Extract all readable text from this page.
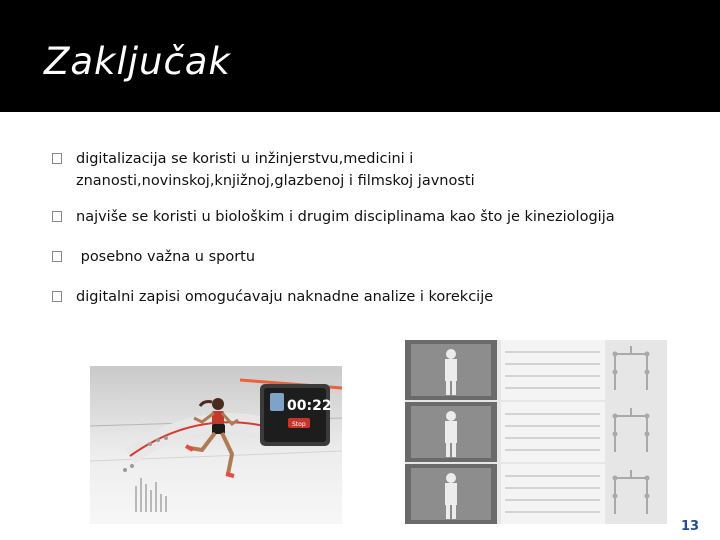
Zaključak
digitalizacija se koristi u inžinjerstvu,medicini i
znanosti,novinskoj,knjižnoj,glazbenoj i filmskoj javnosti
najviše se koristi u biološkim i drugim disciplinama kao što je kineziologija
posebno važna u sportu
digitalni zapisi omogućavaju naknadne analize i korekcije
00:22
Stop
13
